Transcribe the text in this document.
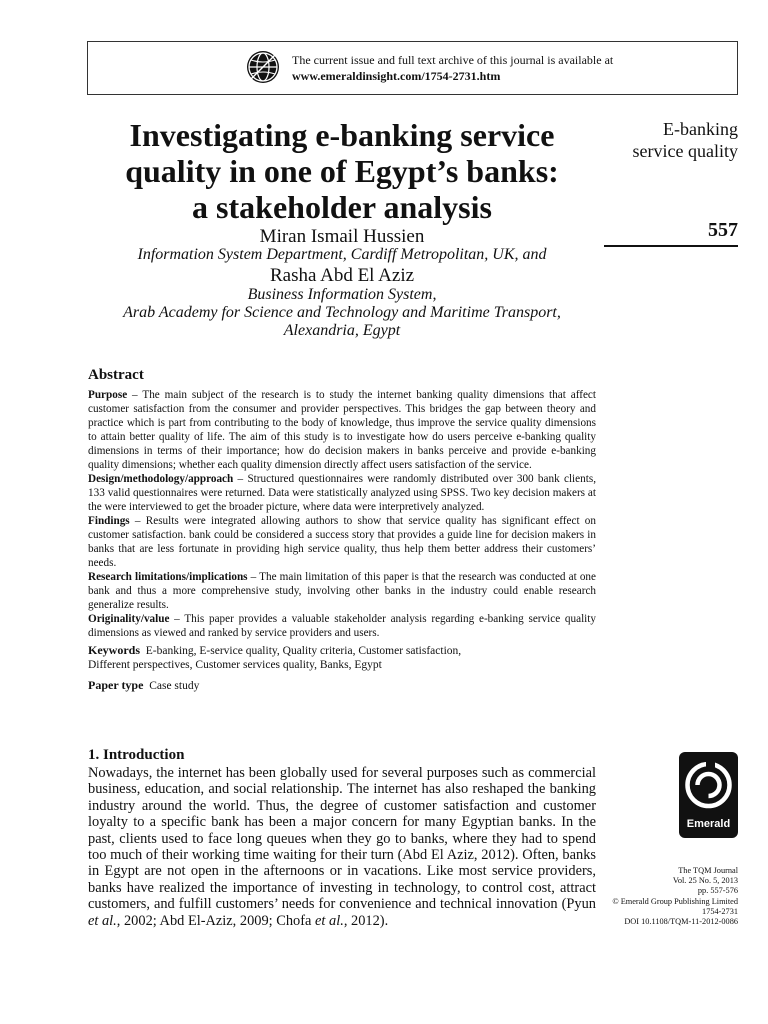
The current issue and full text archive of this journal is available at
www.emeraldinsight.com/1754-2731.htm
Investigating e-banking service
quality in one of Egypt’s banks:
a stakeholder analysis
E-banking
service quality
557
Miran Ismail Hussien
Information System Department, Cardiff Metropolitan, UK, and
Rasha Abd El Aziz
Business Information System,
Arab Academy for Science and Technology and Maritime Transport,
Alexandria, Egypt
Abstract

Purpose – The main subject of the research is to study the internet banking quality dimensions that affect customer satisfaction from the consumer and provider perspectives. This bridges the gap between theory and practice which is part from contributing to the body of knowledge, thus improve the service quality dimensions to attain better quality of life. The aim of this study is to investigate how do users perceive e-banking quality dimensions in terms of their importance; how do decision makers in banks perceive and provide e-banking quality dimensions; whether each quality dimension directly affect users satisfaction of the service.

Design/methodology/approach – Structured questionnaires were randomly distributed over 300 bank clients, 133 valid questionnaires were returned. Data were statistically analyzed using SPSS. Two key decision makers at the were interviewed to get the broader picture, where data were interpretively analyzed.

Findings – Results were integrated allowing authors to show that service quality has significant effect on customer satisfaction. bank could be considered a success story that provides a guide line for decision makers in banks that are less fortunate in providing high service quality, thus help them better address their customers’ needs.

Research limitations/implications – The main limitation of this paper is that the research was conducted at one bank and thus a more comprehensive study, involving other banks in the industry could enable research generalize results.

Originality/value – This paper provides a valuable stakeholder analysis regarding e-banking service quality dimensions as viewed and ranked by service providers and users.

Keywords E-banking, E-service quality, Quality criteria, Customer satisfaction,
Different perspectives, Customer services quality, Banks, Egypt
Paper type Case study
1. Introduction
Nowadays, the internet has been globally used for several purposes such as commercial business, education, and social relationship. The internet has also reshaped the banking industry around the world. Thus, the degree of customer satisfaction and customer loyalty to a specific bank has been a major concern for many Egyptian banks. In the past, clients used to face long queues when they go to banks, where they had to spend too much of their working time waiting for their turn (Abd El Aziz, 2012). Often, banks in Egypt are not open in the afternoons or in vacations. Like most service providers, banks have realized the importance of investing in technology, to control cost, attract customers, and fulfill customers’ needs for convenience and technical innovation (Pyun et al., 2002; Abd El-Aziz, 2009; Chofa et al., 2012).
Emerald
The TQM Journal
Vol. 25 No. 5, 2013
pp. 557-576
© Emerald Group Publishing Limited
1754-2731
DOI 10.1108/TQM-11-2012-0086
